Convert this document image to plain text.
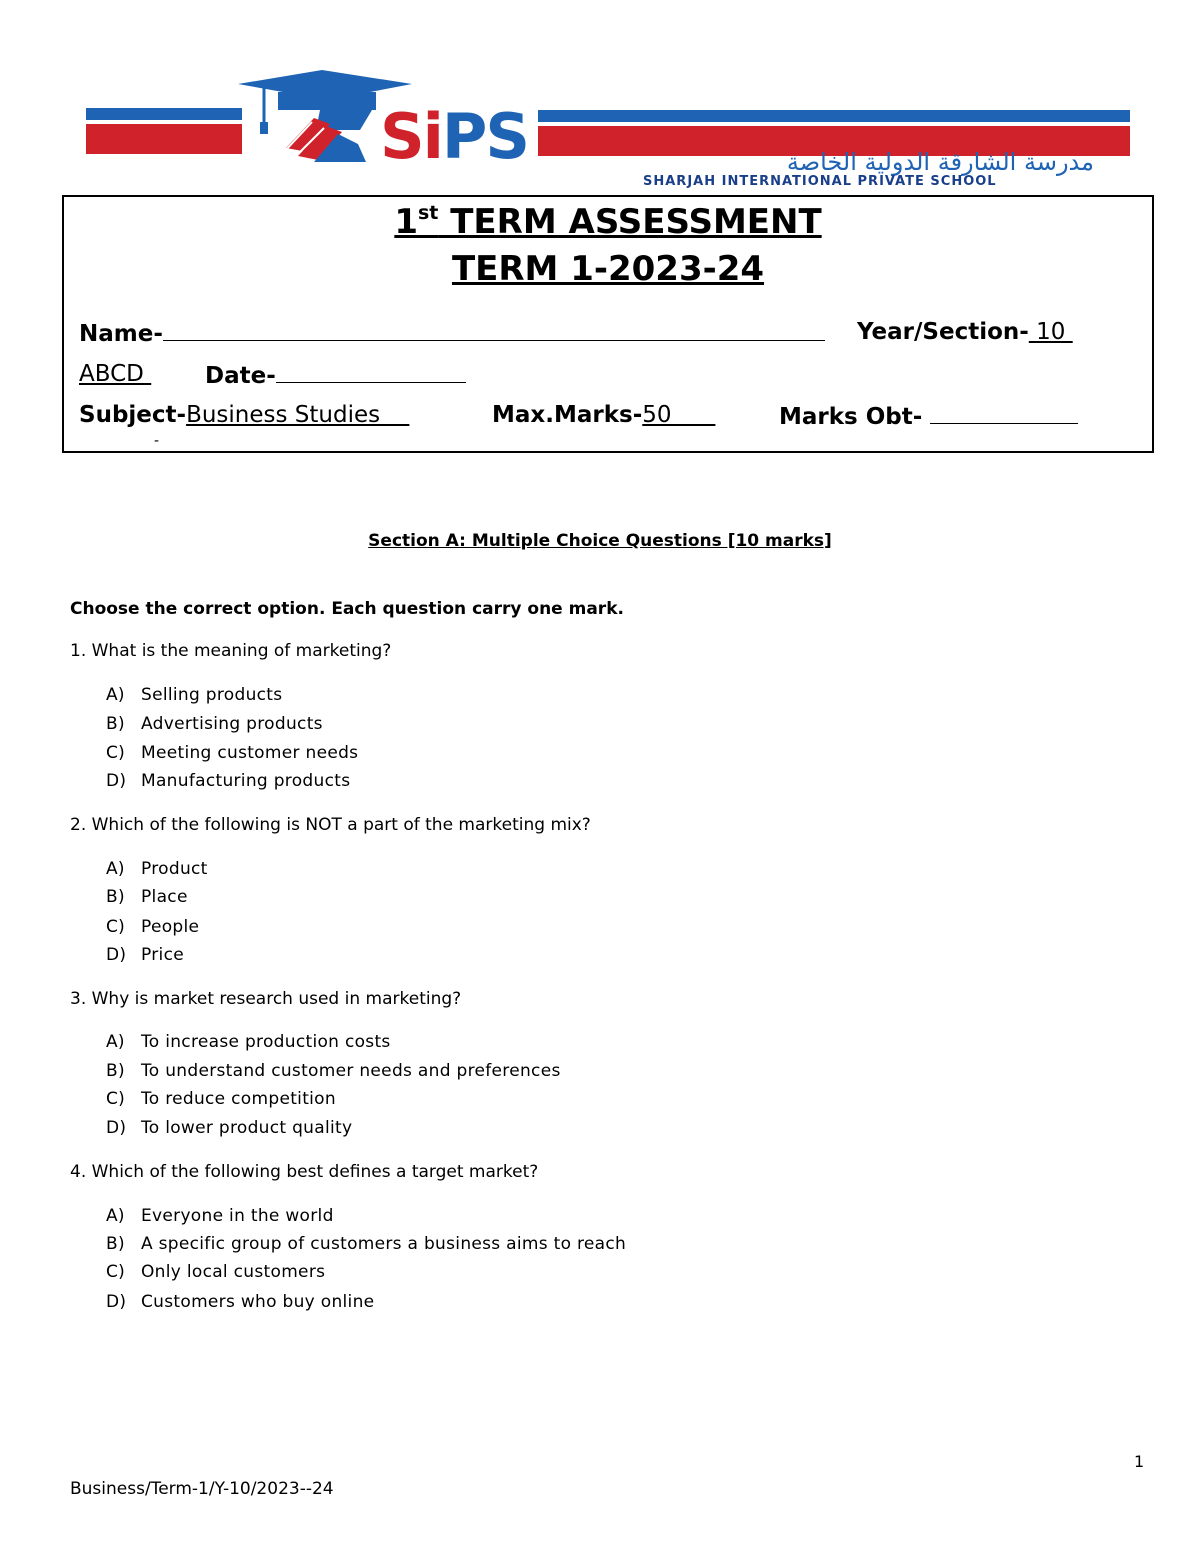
SiPS	مدرسة الشارقة الدولية الخاصة
SHARJAH INTERNATIONAL PRIVATE SCHOOL
1st TERM ASSESSMENT
TERM 1-2023-24
Name-	Year/Section- 10
ABCD Date-
Subject-Business Studies	Max.Marks-50	Marks Obt-
-
Section A: Multiple Choice Questions [10 marks]
Choose the correct option. Each question carry one mark.
1. What is the meaning of marketing?
A) Selling products
B) Advertising products
C) Meeting customer needs
D) Manufacturing products
2. Which of the following is NOT a part of the marketing mix?
A) Product
B) Place
C) People
D) Price
3. Why is market research used in marketing?
A) To increase production costs
B) To understand customer needs and preferences
C) To reduce competition
D) To lower product quality
4. Which of the following best defines a target market?
A) Everyone in the world
B) A specific group of customers a business aims to reach
C) Only local customers
D) Customers who buy online
1
Business/Term-1/Y-10/2023--24
